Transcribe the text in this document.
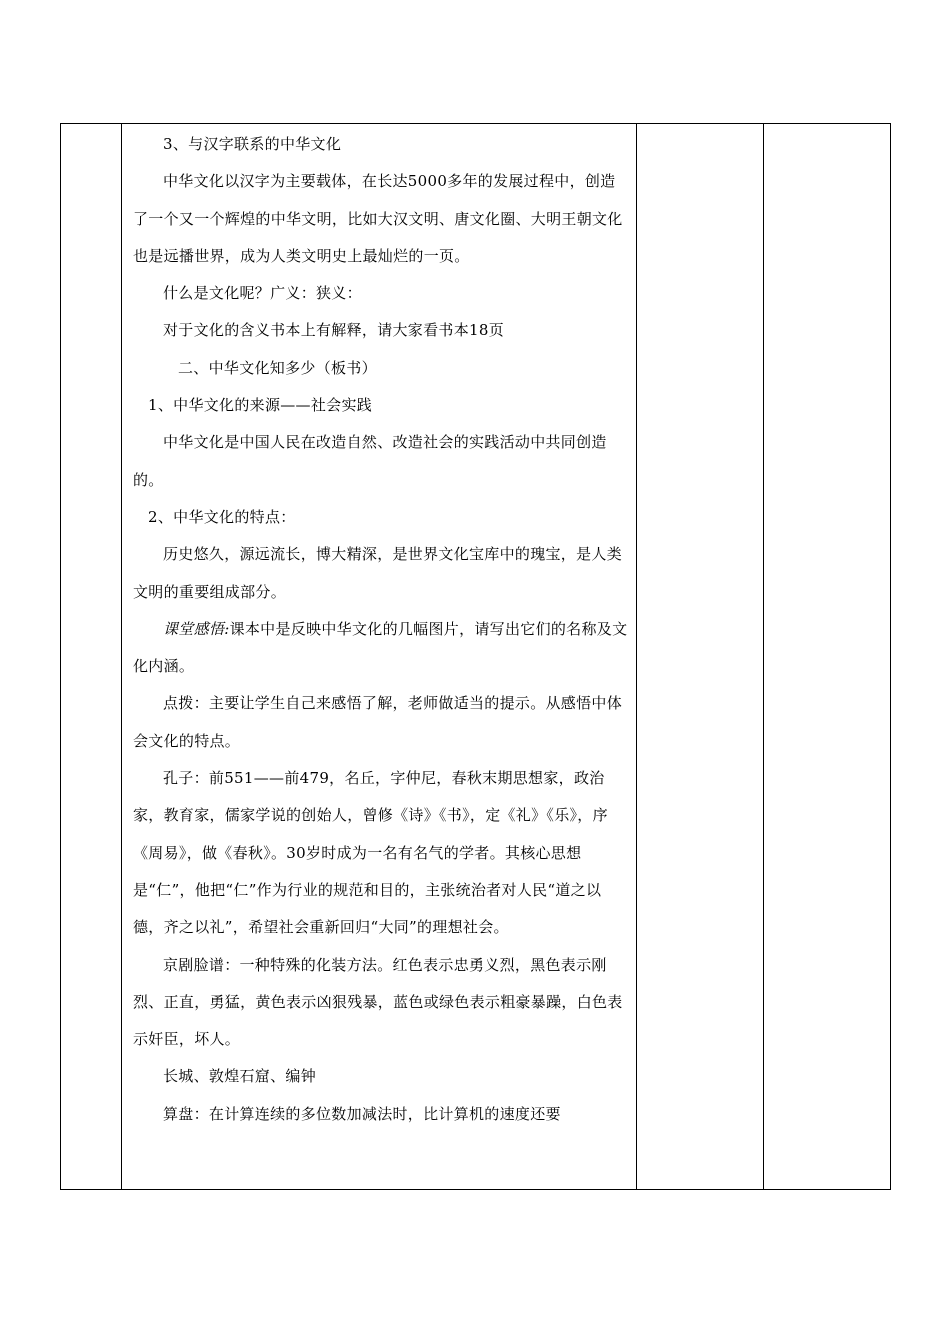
3、与汉字联系的中华文化

中华文化以汉字为主要载体，在长达5000多年的发展过程中，创造了一个又一个辉煌的中华文明，比如大汉文明、唐文化圈、大明王朝文化也是远播世界，成为人类文明史上最灿烂的一页。

什么是文化呢？广义：狭义：

对于文化的含义书本上有解释，请大家看书本18页

二、中华文化知多少（板书）

1、中华文化的来源——社会实践

中华文化是中国人民在改造自然、改造社会的实践活动中共同创造的。

2、中华文化的特点：

历史悠久，源远流长，博大精深，是世界文化宝库中的瑰宝，是人类文明的重要组成部分。

课堂感悟:课本中是反映中华文化的几幅图片，请写出它们的名称及文化内涵。

点拨：主要让学生自己来感悟了解，老师做适当的提示。从感悟中体会文化的特点。

孔子：前551——前479，名丘，字仲尼，春秋末期思想家，政治家，教育家，儒家学说的创始人，曾修《诗》《书》，定《礼》《乐》，序《周易》，做《春秋》。30岁时成为一名有名气的学者。其核心思想是“仁”，他把“仁”作为行业的规范和目的，主张统治者对人民“道之以德，齐之以礼”，希望社会重新回归“大同”的理想社会。

京剧脸谱：一种特殊的化装方法。红色表示忠勇义烈，黑色表示刚烈、正直，勇猛，黄色表示凶狠残暴，蓝色或绿色表示粗豪暴躁，白色表示奸臣，坏人。

长城、敦煌石窟、编钟

算盘：在计算连续的多位数加减法时，比计算机的速度还要
